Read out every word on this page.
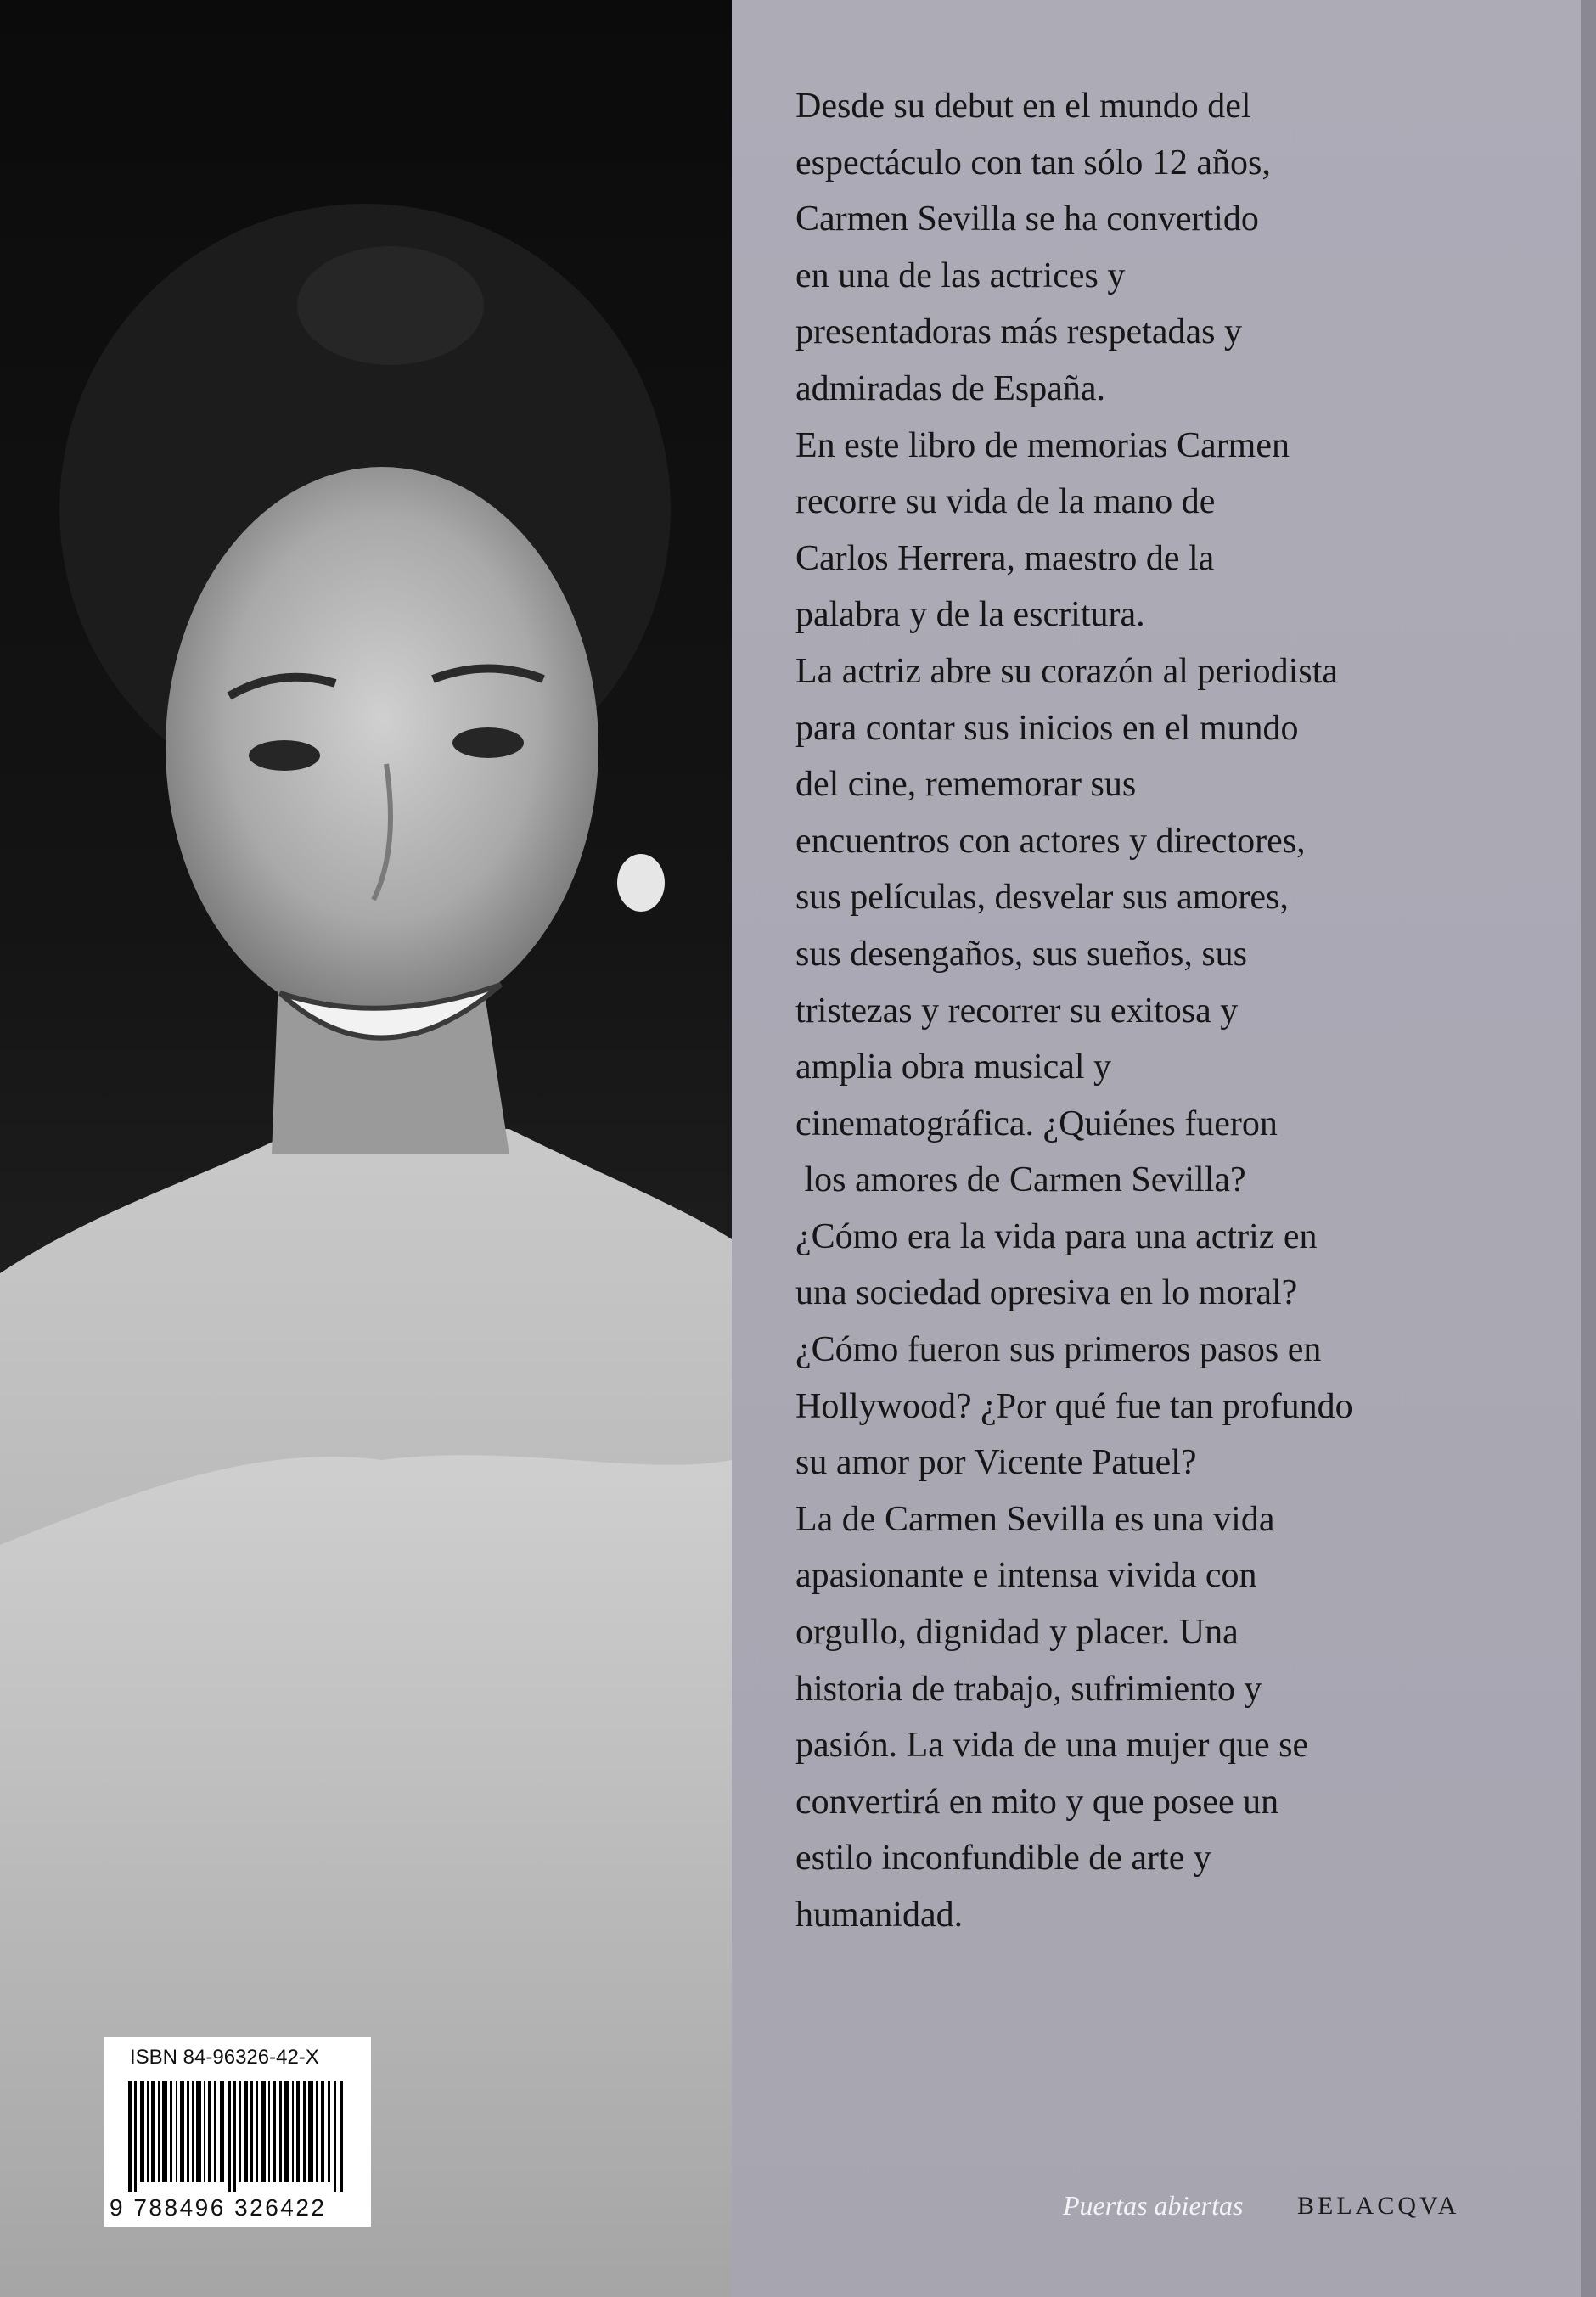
Desde su debut en el mundo del
espectáculo con tan sólo 12 años,
Carmen Sevilla se ha convertido
en una de las actrices y
presentadoras más respetadas y
admiradas de España.
En este libro de memorias Carmen
recorre su vida de la mano de
Carlos Herrera, maestro de la
palabra y de la escritura.
La actriz abre su corazón al periodista
para contar sus inicios en el mundo
del cine, rememorar sus
encuentros con actores y directores,
sus películas, desvelar sus amores,
sus desengaños, sus sueños, sus
tristezas y recorrer su exitosa y
amplia obra musical y
cinematográfica. ¿Quiénes fueron
los amores de Carmen Sevilla?
¿Cómo era la vida para una actriz en
una sociedad opresiva en lo moral?
¿Cómo fueron sus primeros pasos en
Hollywood? ¿Por qué fue tan profundo
su amor por Vicente Patuel?
La de Carmen Sevilla es una vida
apasionante e intensa vivida con
orgullo, dignidad y placer. Una
historia de trabajo, sufrimiento y
pasión. La vida de una mujer que se
convertirá en mito y que posee un
estilo inconfundible de arte y
humanidad.
ISBN 84-96326-42-X
9 788496 326422	Puertas abiertas BELACQVA
